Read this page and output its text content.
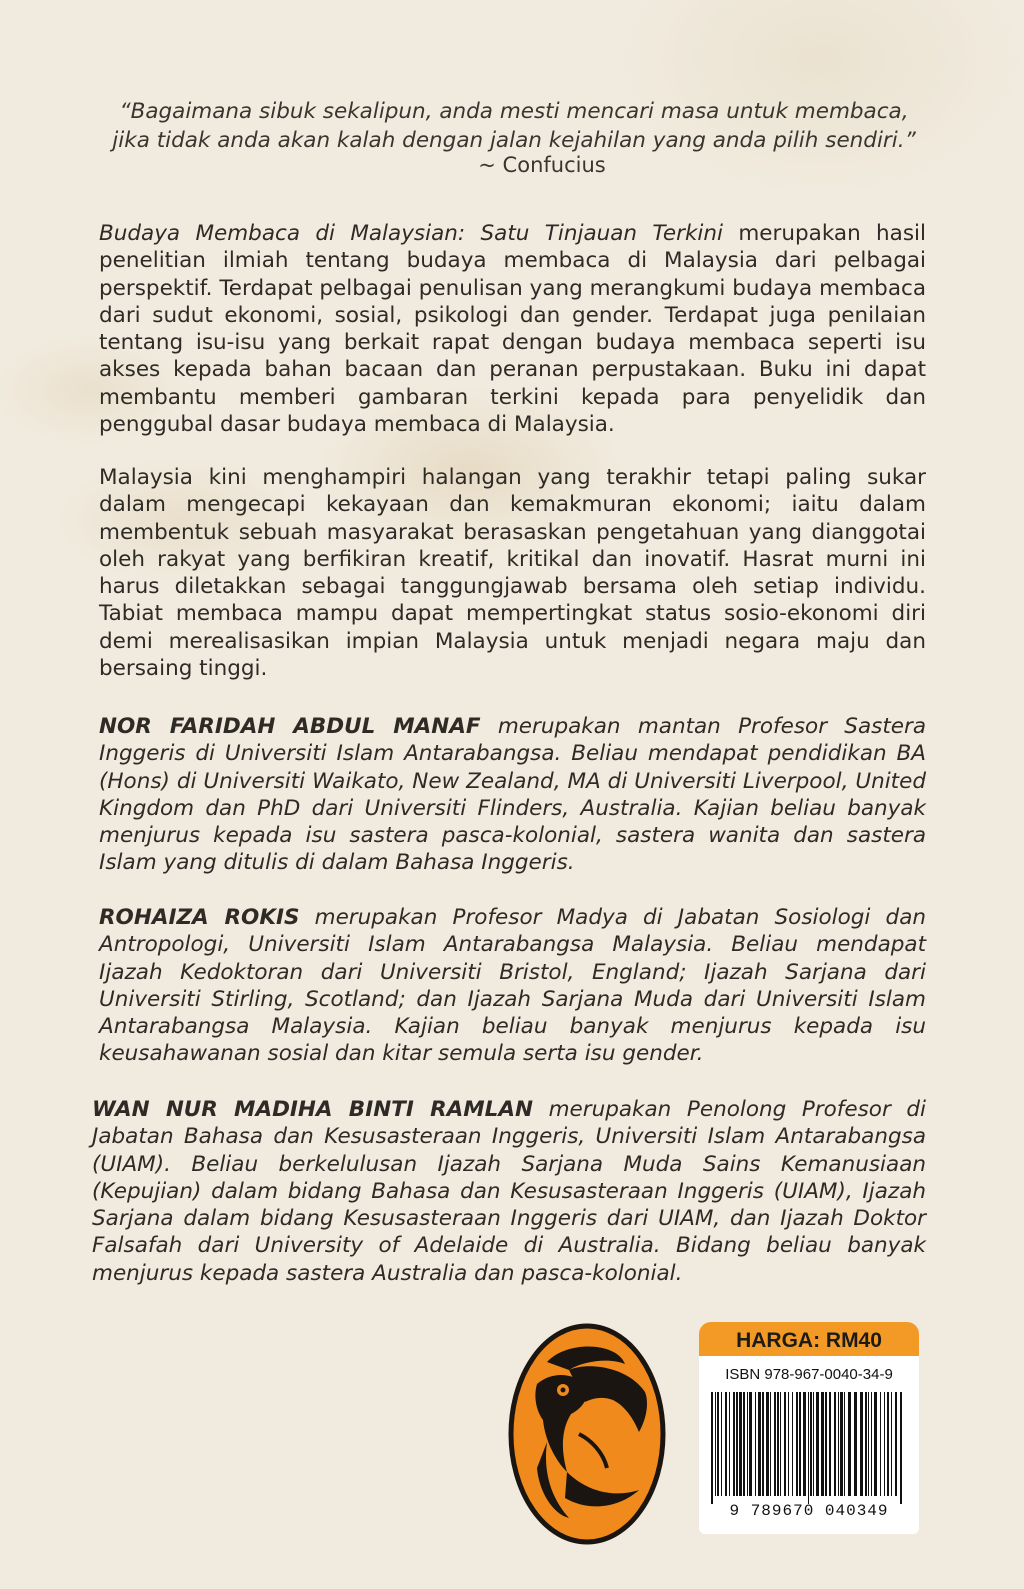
“Bagaimana sibuk sekalipun, anda mesti mencari masa untuk membaca,
jika tidak anda akan kalah dengan jalan kejahilan yang anda pilih sendiri.”
~ Confucius

Budaya Membaca di Malaysian: Satu Tinjauan Terkini merupakan hasil penelitian ilmiah tentang budaya membaca di Malaysia dari pelbagai perspektif. Terdapat pelbagai penulisan yang merangkumi budaya membaca dari sudut ekonomi, sosial, psikologi dan gender. Terdapat juga penilaian tentang isu-isu yang berkait rapat dengan budaya membaca seperti isu akses kepada bahan bacaan dan peranan perpustakaan. Buku ini dapat membantu memberi gambaran terkini kepada para penyelidik dan penggubal dasar budaya membaca di Malaysia.

Malaysia kini menghampiri halangan yang terakhir tetapi paling sukar dalam mengecapi kekayaan dan kemakmuran ekonomi; iaitu dalam membentuk sebuah masyarakat berasaskan pengetahuan yang dianggotai oleh rakyat yang berfikiran kreatif, kritikal dan inovatif. Hasrat murni ini harus diletakkan sebagai tanggungjawab bersama oleh setiap individu. Tabiat membaca mampu dapat mempertingkat status sosio-ekonomi diri demi merealisasikan impian Malaysia untuk menjadi negara maju dan bersaing tinggi.

NOR FARIDAH ABDUL MANAF merupakan mantan Profesor Sastera Inggeris di Universiti Islam Antarabangsa. Beliau mendapat pendidikan BA (Hons) di Universiti Waikato, New Zealand, MA di Universiti Liverpool, United Kingdom dan PhD dari Universiti Flinders, Australia. Kajian beliau banyak menjurus kepada isu sastera pasca-kolonial, sastera wanita dan sastera Islam yang ditulis di dalam Bahasa Inggeris.

ROHAIZA ROKIS merupakan Profesor Madya di Jabatan Sosiologi dan Antropologi, Universiti Islam Antarabangsa Malaysia. Beliau mendapat Ijazah Kedoktoran dari Universiti Bristol, England; Ijazah Sarjana dari Universiti Stirling, Scotland; dan Ijazah Sarjana Muda dari Universiti Islam Antarabangsa Malaysia. Kajian beliau banyak menjurus kepada isu keusahawanan sosial dan kitar semula serta isu gender.

WAN NUR MADIHA BINTI RAMLAN merupakan Penolong Profesor di Jabatan Bahasa dan Kesusasteraan Inggeris, Universiti Islam Antarabangsa (UIAM). Beliau berkelulusan Ijazah Sarjana Muda Sains Kemanusiaan (Kepujian) dalam bidang Bahasa dan Kesusasteraan Inggeris (UIAM), Ijazah Sarjana dalam bidang Kesusasteraan Inggeris dari UIAM, dan Ijazah Doktor Falsafah dari University of Adelaide di Australia. Bidang beliau banyak menjurus kepada sastera Australia dan pasca-kolonial.

HARGA: RM40
ISBN 978-967-0040-34-9
9 789670 040349
